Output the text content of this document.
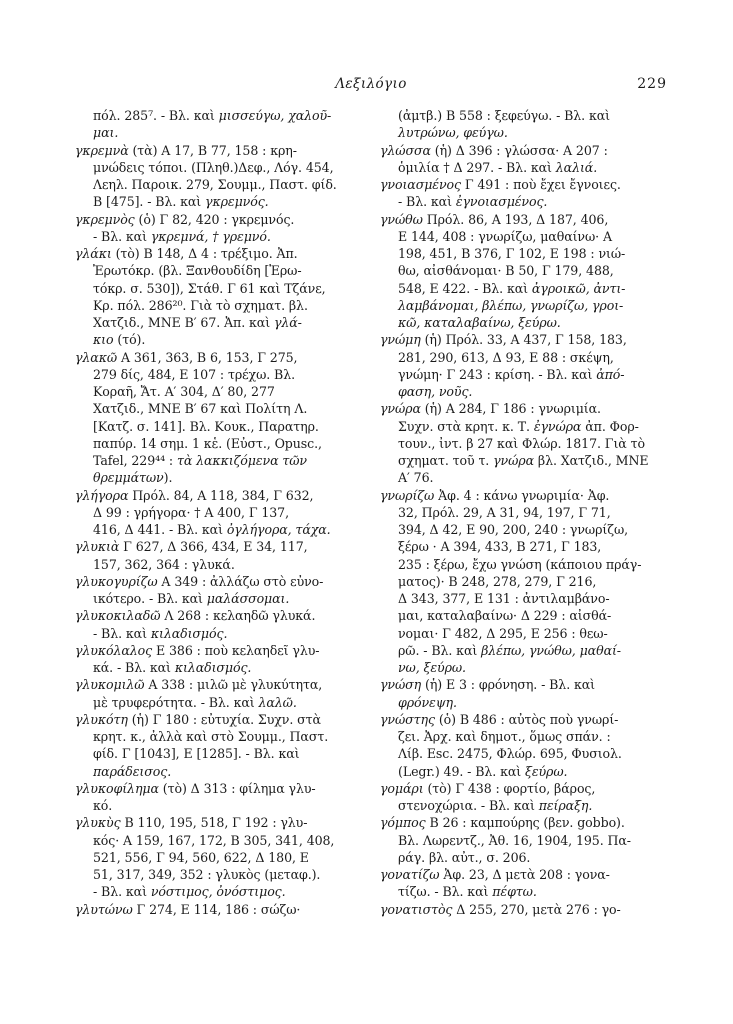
Λεξιλόγιο	229
πόλ. 285⁷. - Βλ. καὶ μισσεύγω, χαλοῦ-
μαι.
γκρεμνὰ (τὰ) Α 17, Β 77, 158 : κρη-
μνώδεις τόποι. (Πληθ.)Δεφ., Λόγ. 454,
Λεηλ. Παροικ. 279, Σουμμ., Παστ. φίδ.
Β [475]. - Βλ. καὶ γκρεμνός.
γκρεμνὸς (ὁ) Γ 82, 420 : γκρεμνός.
- Βλ. καὶ γκρεμνά, † γρεμνό.
γλάκι (τὸ) Β 148, Δ 4 : τρέξιμο. Ἀπ.
Ἐρωτόκρ. (βλ. Ξανθουδίδη [Ἐρω-
τόκρ. σ. 530]), Στάθ. Γ 61 καὶ Τζάνε,
Κρ. πόλ. 286²⁰. Γιὰ τὸ σχηματ. βλ.
Χατζιδ., ΜΝΕ Β′ 67. Ἀπ. καὶ γλά-
κιο (τό).
γλακῶ Α 361, 363, Β 6, 153, Γ 275,
279 δίς, 484, Ε 107 : τρέχω. Βλ.
Κοραῆ, Ἄτ. Α′ 304, Δ′ 80, 277
Χατζιδ., ΜΝΕ Β′ 67 καὶ Πολίτη Λ.
[Κατζ. σ. 141]. Βλ. Κουκ., Παρατηρ.
παπύρ. 14 σημ. 1 κἑ. (Εὐστ., Opusc.,
Tafel, 229⁴⁴ : τὰ λακκιζόμενα τῶν
θρεμμάτων).
γλήγορα Πρόλ. 84, Α 118, 384, Γ 632,
Δ 99 : γρήγορα· † Α 400, Γ 137,
416, Δ 441. - Βλ. καὶ ὀγλήγορα, τάχα.
γλυκιὰ Γ 627, Δ 366, 434, Ε 34, 117,
157, 362, 364 : γλυκά.
γλυκογυρίζω Α 349 : ἀλλάζω στὸ εὐνο-
ικότερο. - Βλ. καὶ μαλάσσομαι.
γλυκοκιλαδῶ Λ 268 : κελαηδῶ γλυκά.
- Βλ. καὶ κιλαδισμός.
γλυκόλαλος Ε 386 : ποὺ κελαηδεῖ γλυ-
κά. - Βλ. καὶ κιλαδισμός.
γλυκομιλῶ Α 338 : μιλῶ μὲ γλυκύτητα,
μὲ τρυφερότητα. - Βλ. καὶ λαλῶ.
γλυκότη (ἡ) Γ 180 : εὐτυχία. Συχν. στὰ
κρητ. κ., ἀλλὰ καὶ στὸ Σουμμ., Παστ.
φίδ. Γ [1043], Ε [1285]. - Βλ. καὶ
παράδεισος.
γλυκοφίλημα (τὸ) Δ 313 : φίλημα γλυ-
κό.
γλυκὺς Β 110, 195, 518, Γ 192 : γλυ-
κός· Α 159, 167, 172, Β 305, 341, 408,
521, 556, Γ 94, 560, 622, Δ 180, Ε
51, 317, 349, 352 : γλυκὸς (μεταφ.).
- Βλ. καὶ νόστιμος, ὀνόστιμος.
γλυτώνω Γ 274, Ε 114, 186 : σώζω·
(ἀμτβ.) Β 558 : ξεφεύγω. - Βλ. καὶ
λυτρώνω, φεύγω.
γλώσσα (ἡ) Δ 396 : γλώσσα· Α 207 :
ὁμιλία † Δ 297. - Βλ. καὶ λαλιά.
γνοιασμένος Γ 491 : ποὺ ἔχει ἔγνοιες.
- Βλ. καὶ ἐγνοιασμένος.
γνώθω Πρόλ. 86, Α 193, Δ 187, 406,
Ε 144, 408 : γνωρίζω, μαθαίνω· Α
198, 451, Β 376, Γ 102, Ε 198 : νιώ-
θω, αἰσθάνομαι· Β 50, Γ 179, 488,
548, Ε 422. - Βλ. καὶ ἀγροικῶ, ἀντι-
λαμβάνομαι, βλέπω, γνωρίζω, γροι-
κῶ, καταλαβαίνω, ξεύρω.
γνώμη (ἡ) Πρόλ. 33, Α 437, Γ 158, 183,
281, 290, 613, Δ 93, Ε 88 : σκέψη,
γνώμη· Γ 243 : κρίση. - Βλ. καὶ ἀπό-
φαση, νοῦς.
γνώρα (ἡ) Α 284, Γ 186 : γνωριμία.
Συχν. στὰ κρητ. κ. Τ. ἐγνώρα ἀπ. Φορ-
τουν., ἰντ. β 27 καὶ Φλώρ. 1817. Γιὰ τὸ
σχηματ. τοῦ τ. γνώρα βλ. Χατζιδ., ΜΝΕ
Α′ 76.
γνωρίζω Ἀφ. 4 : κάνω γνωριμία· Ἀφ.
32, Πρόλ. 29, Α 31, 94, 197, Γ 71,
394, Δ 42, Ε 90, 200, 240 : γνωρίζω,
ξέρω · Α 394, 433, Β 271, Γ 183,
235 : ξέρω, ἔχω γνώση (κάποιου πράγ-
ματος)· Β 248, 278, 279, Γ 216,
Δ 343, 377, Ε 131 : ἀντιλαμβάνο-
μαι, καταλαβαίνω· Δ 229 : αἰσθά-
νομαι· Γ 482, Δ 295, Ε 256 : θεω-
ρῶ. - Βλ. καὶ βλέπω, γνώθω, μαθαί-
νω, ξεύρω.
γνώση (ἡ) Ε 3 : φρόνηση. - Βλ. καὶ
φρόνεψη.
γνώστης (ὁ) Β 486 : αὐτὸς ποὺ γνωρί-
ζει. Ἀρχ. καὶ δημοτ., ὅμως σπάν. :
Λίβ. Esc. 2475, Φλώρ. 695, Φυσιολ.
(Legr.) 49. - Βλ. καὶ ξεύρω.
γομάρι (τὸ) Γ 438 : φορτίο, βάρος,
στενοχώρια. - Βλ. καὶ πείραξη.
γόμπος Β 26 : καμπούρης (βεν. gobbo).
Βλ. Λωρεντζ., Ἀθ. 16, 1904, 195. Πα-
ράγ. βλ. αὐτ., σ. 206.
γονατίζω Ἀφ. 23, Δ μετὰ 208 : γονα-
τίζω. - Βλ. καὶ πέφτω.
γονατιστὸς Δ 255, 270, μετὰ 276 : γο-
